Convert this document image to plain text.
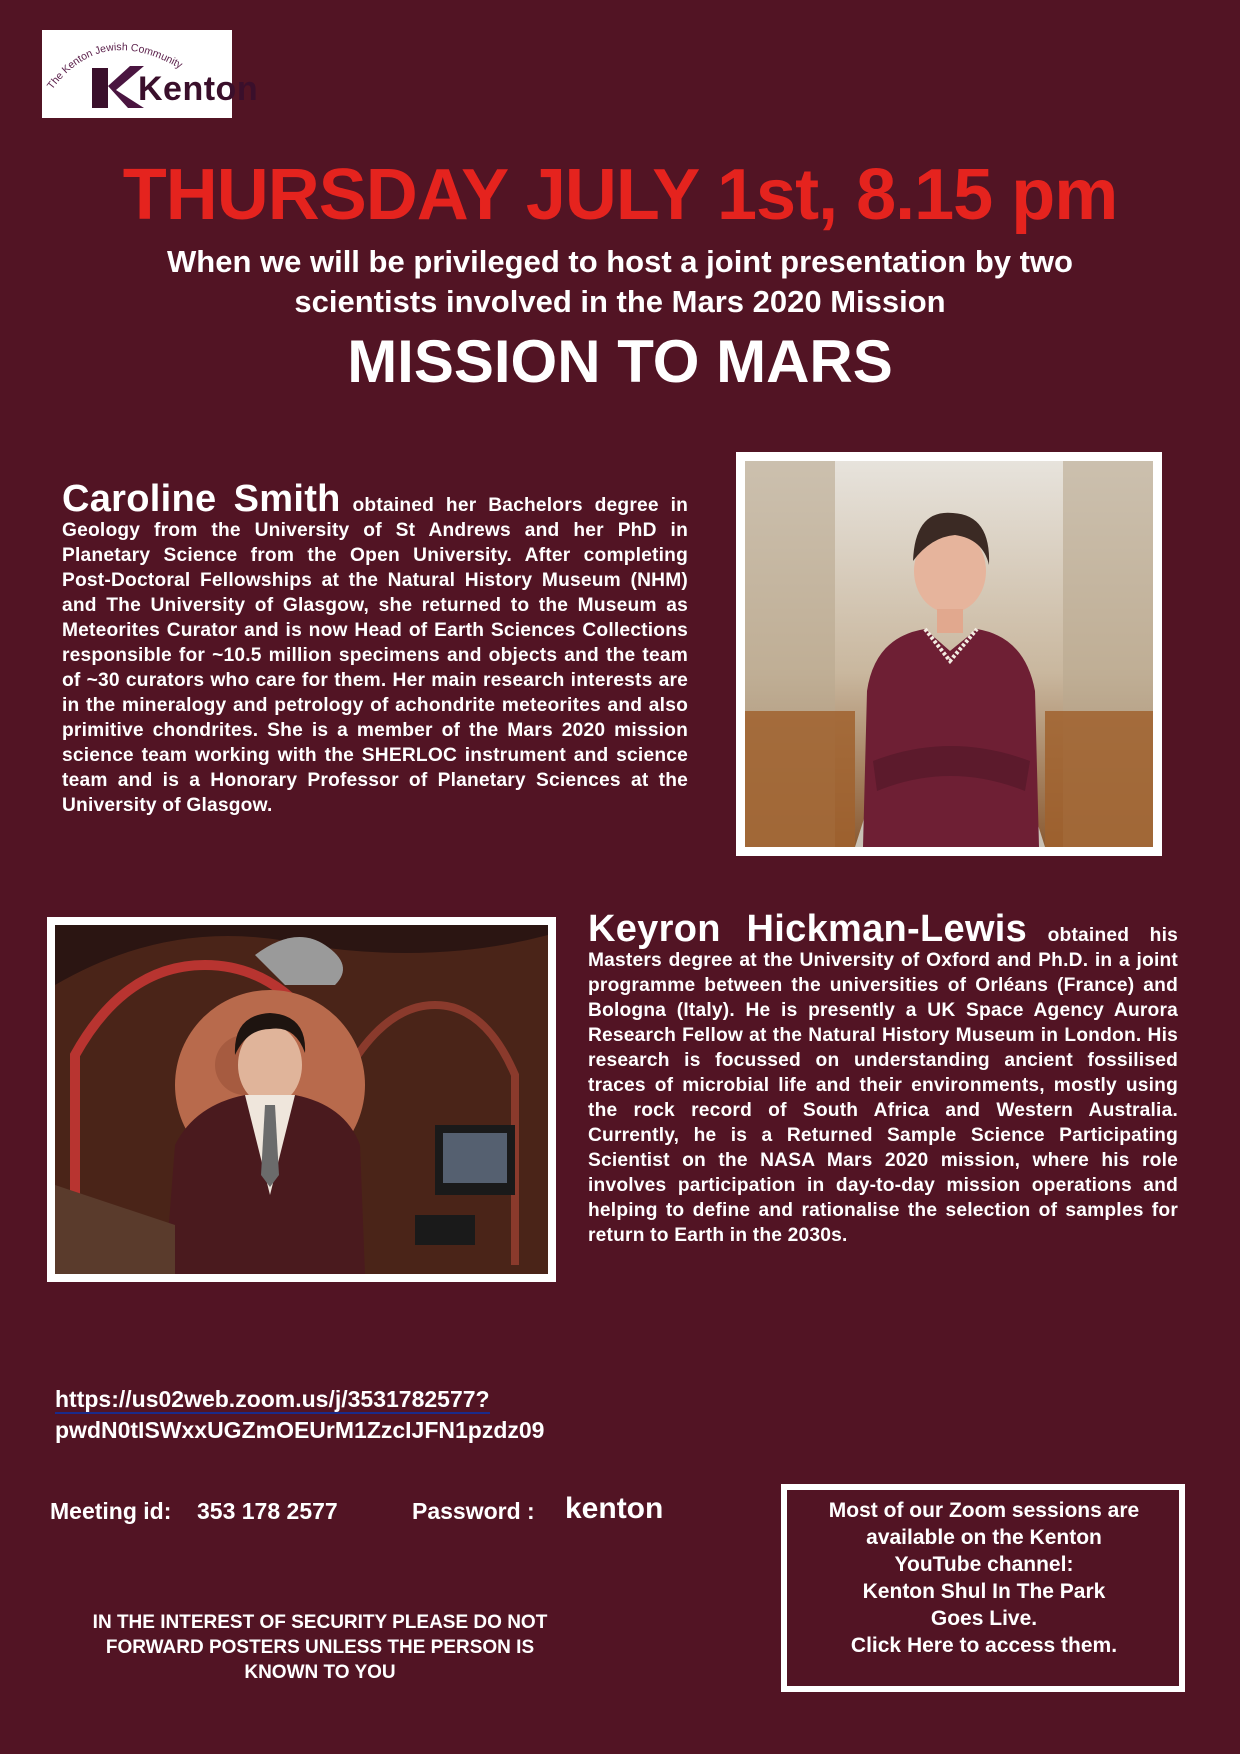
The Kenton Jewish Community
Kenton
THURSDAY JULY 1st, 8.15 pm
When we will be privileged to host a joint presentation by two
scientists involved in the Mars 2020 Mission
MISSION TO MARS
Caroline Smith obtained her Bachelors degree in Geology from the University of St Andrews and her PhD in Planetary Science from the Open University. After completing Post-Doctoral Fellowships at the Natural History Museum (NHM) and The University of Glasgow, she returned to the Museum as Meteorites Curator and is now Head of Earth Sciences Collections responsible for ~10.5 million specimens and objects and the team of ~30 curators who care for them. Her main research interests are in the mineralogy and petrology of achondrite meteorites and also primitive chondrites. She is a member of the Mars 2020 mission science team working with the SHERLOC instrument and science team and is a Honorary Professor of Planetary Sciences at the University of Glasgow.
Keyron Hickman-Lewis obtained his Masters degree at the University of Oxford and Ph.D. in a joint programme between the universities of Orléans (France) and Bologna (Italy). He is presently a UK Space Agency Aurora Research Fellow at the Natural History Museum in London. His research is focussed on understanding ancient fossilised traces of microbial life and their environments, mostly using the rock record of South Africa and Western Australia. Currently, he is a Returned Sample Science Participating Scientist on the NASA Mars 2020 mission, where his role involves participation in day-to-day mission operations and helping to define and rationalise the selection of samples for return to Earth in the 2030s.
https://us02web.zoom.us/j/3531782577?
pwdN0tISWxxUGZmOEUrM1ZzcIJFN1pzdz09
Meeting id: 353 178 2577	Password : kenton
IN THE INTEREST OF SECURITY PLEASE DO NOT
FORWARD POSTERS UNLESS THE PERSON IS
KNOWN TO YOU
Most of our Zoom sessions are
available on the Kenton
YouTube channel:
Kenton Shul In The Park
Goes Live.
Click Here to access them.
